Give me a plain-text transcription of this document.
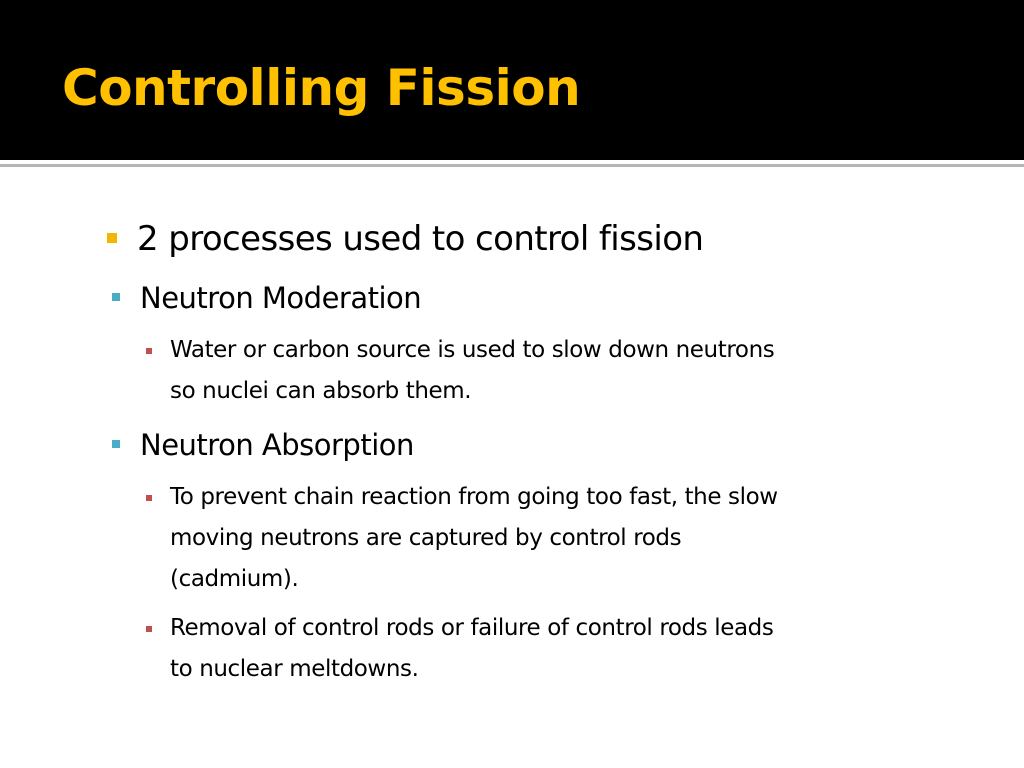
Controlling Fission
2 processes used to control fission
Neutron Moderation
Water or carbon source is used to slow down neutrons
so nuclei can absorb them.
Neutron Absorption
To prevent chain reaction from going too fast, the slow
moving neutrons are captured by control rods
(cadmium).
Removal of control rods or failure of control rods leads
to nuclear meltdowns.
